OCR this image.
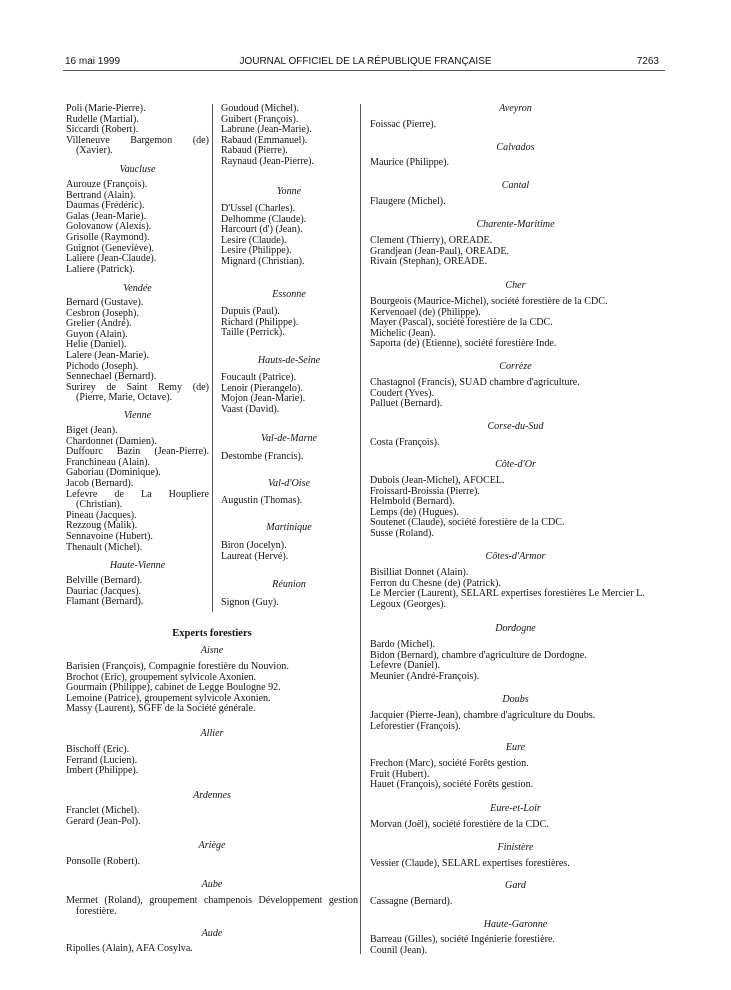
16 mai 1999	JOURNAL OFFICIEL DE LA RÉPUBLIQUE FRANÇAISE	7263

Poli (Marie-Pierre).

Rudelle (Martial).

Siccardi (Robert).

Villeneuve Bargemon (de)

(Xavier).

Vaucluse

Aurouze (François).

Bertrand (Alain).

Daumas (Frédéric).

Galas (Jean-Marie).

Golovanow (Alexis).

Grisolle (Raymond).

Guignot (Geneviève).

Laliere (Jean-Claude).

Laliere (Patrick).

Vendée

Bernard (Gustave).

Cesbron (Joseph).

Grelier (André).

Guyon (Alain).

Helie (Daniel).

Lalere (Jean-Marie).

Pichodo (Joseph).

Sennechael (Bernard).

Surirey de Saint Remy (de)

(Pierre, Marie, Octave).

Vienne

Biget (Jean).

Chardonnet (Damien).

Duffourc Bazin (Jean-Pierre).

Franchineau (Alain).

Gaboriau (Dominique).

Jacob (Bernard).

Lefevre de La Houpliere

(Christian).

Pineau (Jacques).

Rezzoug (Malik).

Sennavoine (Hubert).

Thenault (Michel).

Haute-Vienne

Belville (Bernard).

Dauriac (Jacques).

Flamant (Bernard).

Goudoud (Michel).

Guibert (François).

Labrune (Jean-Marie).

Rabaud (Emmanuel).

Rabaud (Pierre).

Raynaud (Jean-Pierre).

Yonne

D'Ussel (Charles).

Delhomme (Claude).

Harcourt (d') (Jean).

Lesire (Claude).

Lesire (Philippe).

Mignard (Christian).

Essonne

Dupuis (Paul).

Richard (Philippe).

Taille (Perrick).

Hauts-de-Seine

Foucault (Patrice).

Lenoir (Pierangelo).

Mojon (Jean-Marie).

Vaast (David).

Val-de-Marne

Destombe (Francis).

Val-d'Oise

Augustin (Thomas).

Martinique

Biron (Jocelyn).

Laureat (Hervé).

Réunion

Signon (Guy).

Experts forestiers
Aisne

Barisien (François), Compagnie forestière du Nouvion.

Brochot (Eric), groupement sylvicole Axonien.

Gourmain (Philippe), cabinet de Legge Boulogne 92.

Lemoine (Patrice), groupement sylvicole Axonien.

Massy (Laurent), SGFF de la Société générale.

Allier

Bischoff (Eric).

Ferrand (Lucien).

Imbert (Philippe).

Ardennes

Franclet (Michel).

Gerard (Jean-Pol).

Ariège

Ponsolle (Robert).

Aube

Mermet (Roland), groupement champenois Développement gestion

forestière.

Aude

Ripolles (Alain), AFA Cosylva.

Aveyron

Foissac (Pierre).

Calvados

Maurice (Philippe).

Cantal

Flaugere (Michel).

Charente-Maritime

Clement (Thierry), OREADE.

Grandjean (Jean-Paul), OREADE.

Rivain (Stephan), OREADE.

Cher

Bourgeois (Maurice-Michel), société forestière de la CDC.

Kervenoael (de) (Philippe).

Mayer (Pascal), société forestière de la CDC.

Michelic (Jean).

Saporta (de) (Etienne), société forestière Inde.

Corrèze

Chastagnol (Francis), SUAD chambre d'agriculture.

Coudert (Yves).

Palluet (Bernard).

Corse-du-Sud

Costa (François).

Côte-d'Or

Dubois (Jean-Michel), AFOCEL.

Froissard-Broissia (Pierre).

Helmbold (Bernard).

Lemps (de) (Hugues).

Soutenet (Claude), société forestière de la CDC.

Susse (Roland).

Côtes-d'Armor

Bisilliat Donnet (Alain).

Ferron du Chesne (de) (Patrick).

Le Mercier (Laurent), SELARL expertises forestières Le Mercier L.

Legoux (Georges).

Dordogne

Bardo (Michel).

Bidon (Bernard), chambre d'agriculture de Dordogne.

Lefevre (Daniel).

Meunier (André-François).

Doubs

Jacquier (Pierre-Jean), chambre d'agriculture du Doubs.

Leforestier (François).

Eure

Frechon (Marc), société Forêts gestion.

Fruit (Hubert).

Hauet (François), société Forêts gestion.

Eure-et-Loir

Morvan (Joël), société forestière de la CDC.

Finistère

Vessier (Claude), SELARL expertises forestières.

Gard

Cassagne (Bernard).

Haute-Garonne

Barreau (Gilles), société Ingénierie forestière.

Counil (Jean).
